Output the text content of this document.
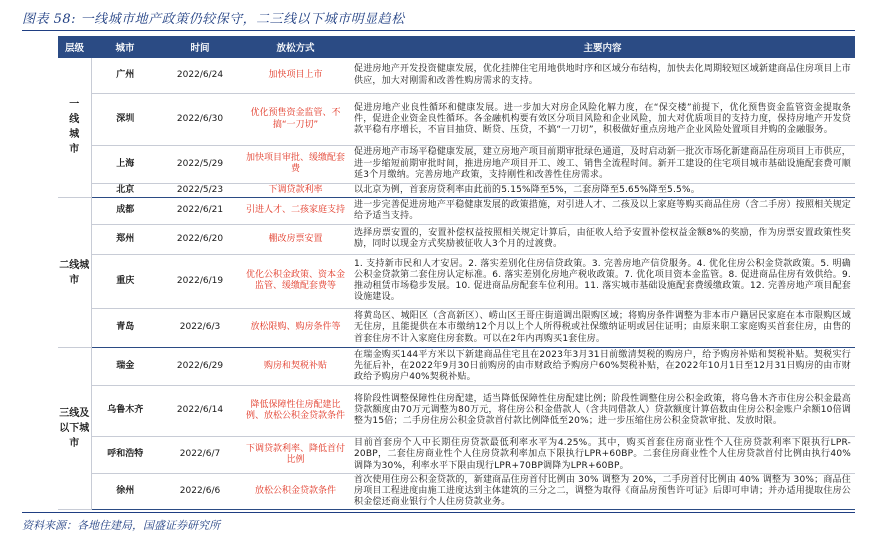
图表 58: 一线城市地产政策仍较保守，二三线以下城市明显趋松
层级	城市	时间	放松方式	主要内容

一线城市	广州	2022/6/24	加快项目上市	促进房地产开发投资健康发展，优化挂牌住宅用地供地时序和区域分布结构，加快去化周期较短区域新建商品住房项目上市供应，加大对刚需和改善性购房需求的支持。
	深圳	2022/6/30	优化预售资金监管、不搞“一刀切”	促进房地产业良性循环和健康发展。进一步加大对房企风险化解力度，在“保交楼”前提下，优化预售资金监管资金提取条件，促进企业资金良性循环。各金融机构要有效区分项目风险和企业风险，加大对优质项目的支持力度，保持房地产开发贷款平稳有序增长，不盲目抽贷、断贷、压贷，不搞“一刀切”，积极做好重点房地产企业风险处置项目并购的金融服务。
	上海	2022/5/29	加快项目审批、缓缴配套费	促进房地产市场平稳健康发展，建立房地产项目前期审批绿色通道，及时启动新一批次市场化新建商品住房项目上市供应，进一步缩短前期审批时间，推进房地产项目开工、竣工、销售全流程时间。新开工建设的住宅项目城市基础设施配套费可顺延3个月缴纳。完善房地产政策，支持刚性和改善性住房需求。
	北京	2022/5/23	下调贷款利率	以北京为例，首套房贷利率由此前的5.15%降至5%，二套房降至5.65%降至5.5%。

二线城市	成都	2022/6/21	引进人才、二孩家庭支持	进一步完善促进房地产平稳健康发展的政策措施，对引进人才、二孩及以上家庭等购买商品住房（含二手房）按照相关规定给予适当支持。
	郑州	2022/6/20	棚改房票安置	选择房票安置的，安置补偿权益按照相关规定计算后，由征收人给予安置补偿权益金额8%的奖励，作为房票安置政策性奖励，同时以现金方式奖励被征收人3个月的过渡费。
	重庆	2022/6/19	优化公积金政策、资本金监管、缓缴配套费等	1. 支持新市民和人才安居。2. 落实差别化住房信贷政策。3. 完善房地产信贷服务。4. 优化住房公积金贷款政策。5. 明确公积金贷款第二套住房认定标准。6. 落实差别化房地产税收政策。7. 优化项目资本金监管。8. 促进商品住房有效供给。9. 推动租赁市场稳步发展。10. 促进商品房配套车位利用。11. 落实城市基础设施配套费缓缴政策。12. 完善房地产项目配套设施建设。
	青岛	2022/6/3	放松限购、购房条件等	将黄岛区、城阳区（含高新区）、崂山区王哥庄街道调出限购区域；将购房条件调整为非本市户籍居民家庭在本市限购区域无住房，且能提供在本市缴纳12个月以上个人所得税或社保缴纳证明或居住证明；由原来职工家庭购买首套住房，由售的首套住房不计入家庭住房套数。可以在2年内再购买1套住房。

三线及以下城市	瑞金	2022/6/29	购房和契税补贴	在瑞金购买144平方米以下新建商品住宅且在2023年3月31日前缴清契税的购房户，给予购房补贴和契税补贴。契税实行先征后补，在2022年9月30日前购房的由市财政给予购房户60%契税补贴，在2022年10月1日至12月31日购房的由市财政给予购房户40%契税补贴。
	乌鲁木齐	2022/6/14	降低保障性住房配建比例、放松公积金贷款条件	将阶段性调整保障性住房配建，适当降低保障性住房配建比例；阶段性调整住房公积金政策，将乌鲁木齐市住房公积金最高贷款额度由70万元调整为80万元，将住房公积金借款人（含共同借款人）贷款额度计算倍数由住房公积金账户余额10倍调整为15倍；二手房住房公积金贷款首付款比例降低至20%；进一步压缩住房公积金贷款审批、发放时限。
	呼和浩特	2022/6/7	下调贷款利率、降低首付比例	目前首套房个人中长期住房贷款最低利率水平为4.25%。其中，购买首套住房商业性个人住房贷款利率下限执行LPR-20BP，二套住房商业性个人住房贷款利率加点下限执行LPR+60BP。二套住房商业性个人住房贷款首付比例由执行40%调降为30%，利率水平下限由现行LPR+70BP调降为LPR+60BP。
	徐州	2022/6/6	放松公积金贷款条件	首次使用住房公积金贷款的，新建商品住房首付比例由 30% 调整为 20%，二手房首付比例由 40% 调整为 30%；商品住房项目工程进度由施工进度达到主体建筑的三分之二，调整为取得《商品房预售许可证》后即可申请；并办适用提取住房公积金偿还商业银行个人住房贷款业务。
资料来源：各地住建局，国盛证券研究所
